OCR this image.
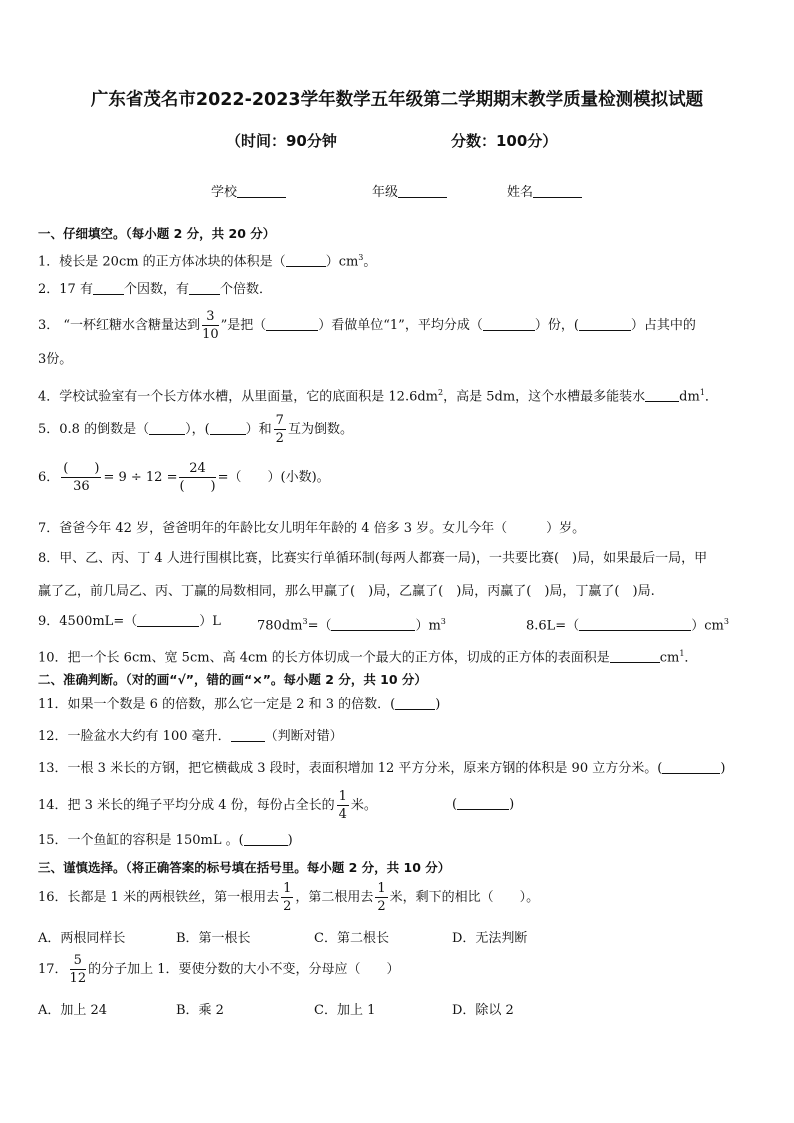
广东省茂名市2022-2023学年数学五年级第二学期期末教学质量检测模拟试题
（时间：90分钟	分数：100分）
学校	年级	姓名
一、仔细填空。（每小题 2 分，共 20 分）
1．棱长是 20cm 的正方体冰块的体积是（	）$cm^3$。
2．17 有 个因数，有 个倍数．
3． “一杯红糖水含糖量达到 $\frac{3}{10}$ ”是把（	）看做单位“1”，平均分成（	）份，(	）占其中的
3份。
4．学校试验室有一个长方体水槽，从里面量，它的底面积是 $12.6dm^2$，高是 5dm，这个水槽最多能装水	$dm^1$．
5．0.8 的倒数是（	），(	）和 $\frac{7}{2}$ 互为倒数。
6． $\frac{( )}{36} = 9 \div 12 = \frac{24}{( )}$ =（　　）(小数)。
7．爸爸今年 42 岁，爸爸明年的年龄比女儿明年年龄的 4 倍多 3 岁。女儿今年（　　　）岁。
8．甲、乙、丙、丁 4 人进行围棋比赛，比赛实行单循环制(每两人都赛一局)，一共要比赛(　)局，如果最后一局，甲
赢了乙，前几局乙、丙、丁赢的局数相同，那么甲赢了(　)局，乙赢了(　)局，丙赢了(　)局，丁赢了(　)局.
9．4500mL=（	）L	$780dm^3=$（	）$m^3$	8.6L=（	）$cm^3$
10．把一个长 6cm、宽 5cm、高 4cm 的长方体切成一个最大的正方体，切成的正方体的表面积是	$cm^1$．
二、准确判断。（对的画“√”，错的画“×”。每小题 2 分，共 10 分）
11．如果一个数是 6 的倍数，那么它一定是 2 和 3 的倍数．(	)
12．一脸盆水大约有 100 毫升．	（判断对错）
13．一根 3 米长的方钢，把它横截成 3 段时，表面积增加 12 平方分米，原来方钢的体积是 90 立方分米。(	)
14．把 3 米长的绳子平均分成 4 份，每份占全长的 $\frac{1}{4}$ 米。	(	)
15．一个鱼缸的容积是 150mL 。(	)
三、谨慎选择。（将正确答案的标号填在括号里。每小题 2 分，共 10 分）
16．长都是 1 米的两根铁丝，第一根用去 $\frac{1}{2}$ ，第二根用去 $\frac{1}{2}$ 米，剩下的相比（　　）。
A．两根同样长	B．第一根长	C．第二根长	D．无法判断
17． $\frac{5}{12}$ 的分子加上 1．要使分数的大小不变，分母应（　　）
A．加上 24	B．乘 2	C．加上 1	D．除以 2
